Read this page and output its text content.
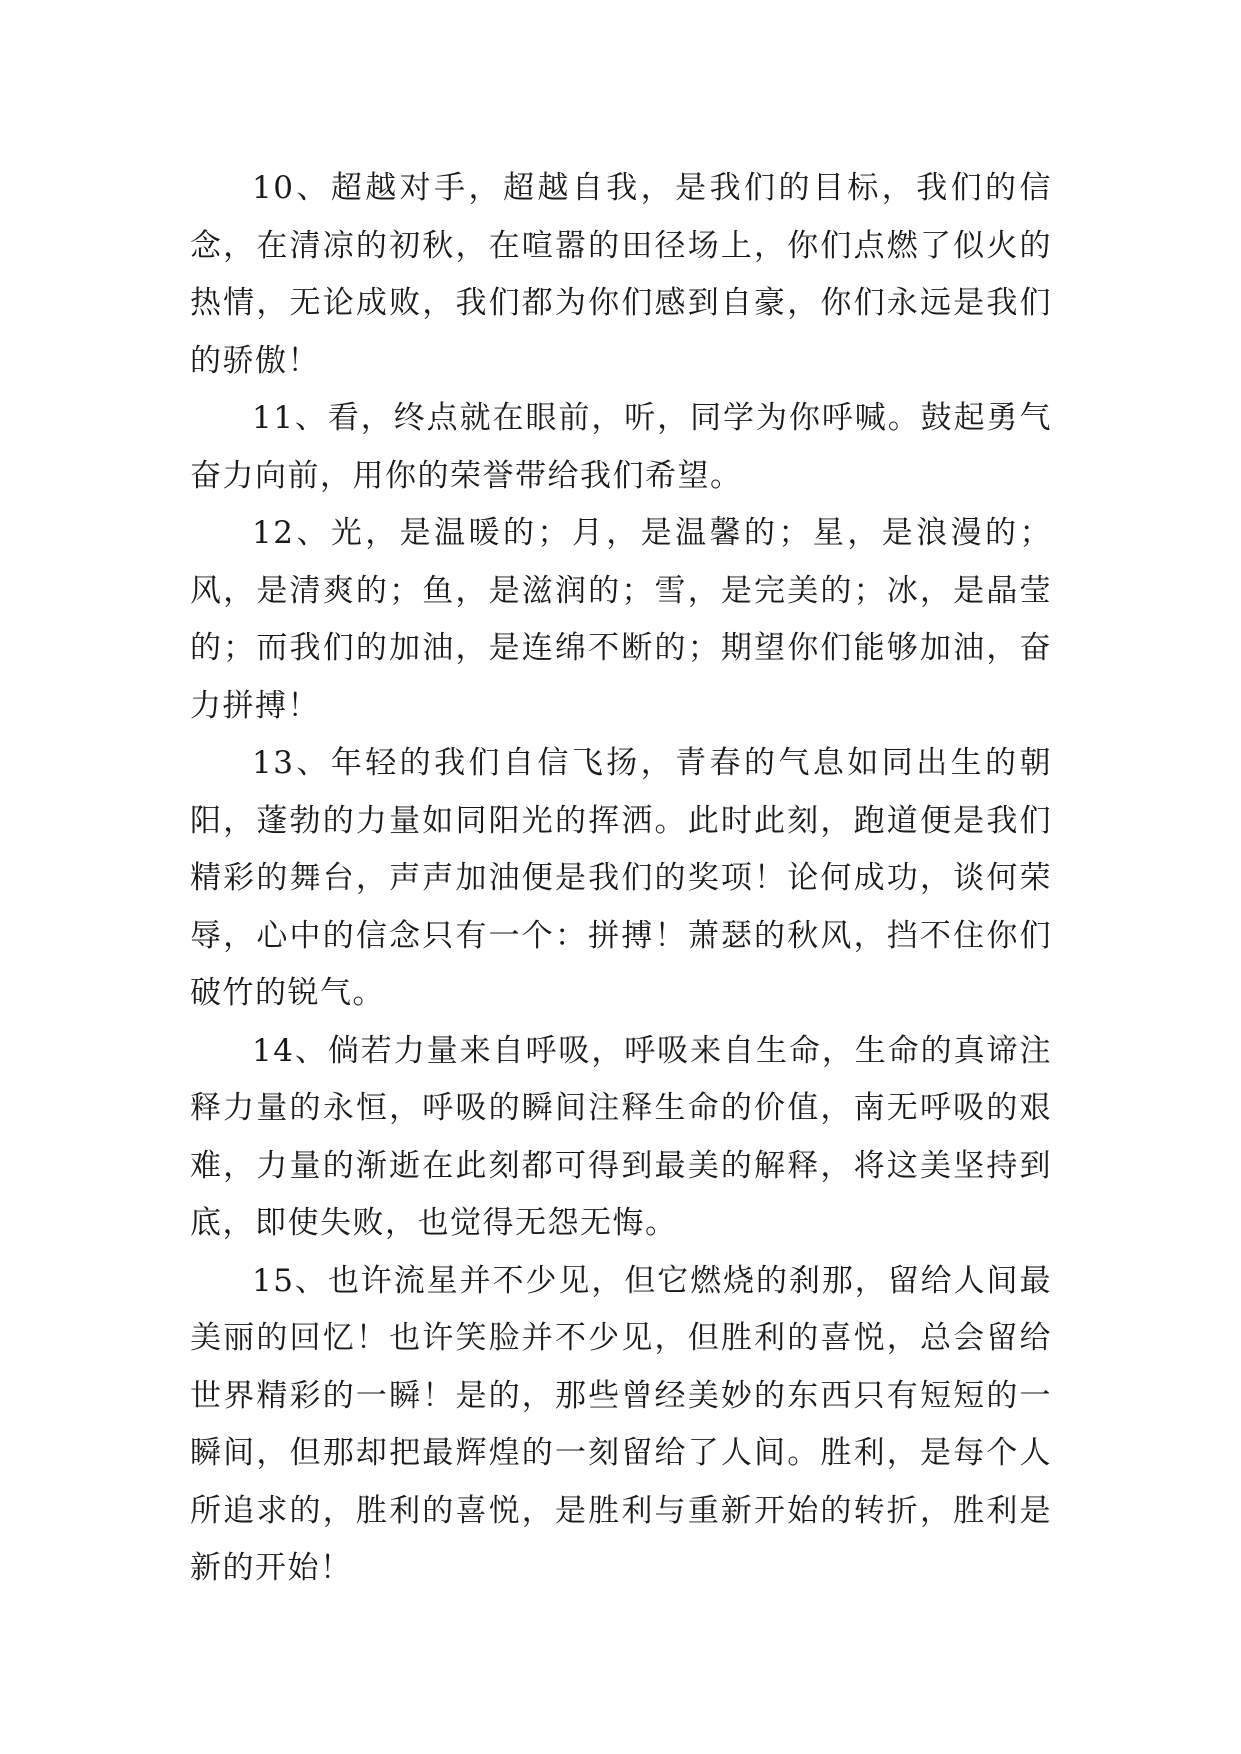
10、超越对手，超越自我，是我们的目标，我们的信念，在清凉的初秋，在喧嚣的田径场上，你们点燃了似火的热情，无论成败，我们都为你们感到自豪，你们永远是我们的骄傲！

11、看，终点就在眼前，听，同学为你呼喊。鼓起勇气奋力向前，用你的荣誉带给我们希望。

12、光，是温暖的；月，是温馨的；星，是浪漫的；风，是清爽的；鱼，是滋润的；雪，是完美的；冰，是晶莹的；而我们的加油，是连绵不断的；期望你们能够加油，奋力拼搏！

13、年轻的我们自信飞扬，青春的气息如同出生的朝阳，蓬勃的力量如同阳光的挥洒。此时此刻，跑道便是我们精彩的舞台，声声加油便是我们的奖项！论何成功，谈何荣辱，心中的信念只有一个：拼搏！萧瑟的秋风，挡不住你们破竹的锐气。

14、倘若力量来自呼吸，呼吸来自生命，生命的真谛注释力量的永恒，呼吸的瞬间注释生命的价值，南无呼吸的艰难，力量的渐逝在此刻都可得到最美的解释，将这美坚持到底，即使失败，也觉得无怨无悔。

15、也许流星并不少见，但它燃烧的刹那，留给人间最美丽的回忆！也许笑脸并不少见，但胜利的喜悦，总会留给世界精彩的一瞬！是的，那些曾经美妙的东西只有短短的一瞬间，但那却把最辉煌的一刻留给了人间。胜利，是每个人所追求的，胜利的喜悦，是胜利与重新开始的转折，胜利是新的开始！
